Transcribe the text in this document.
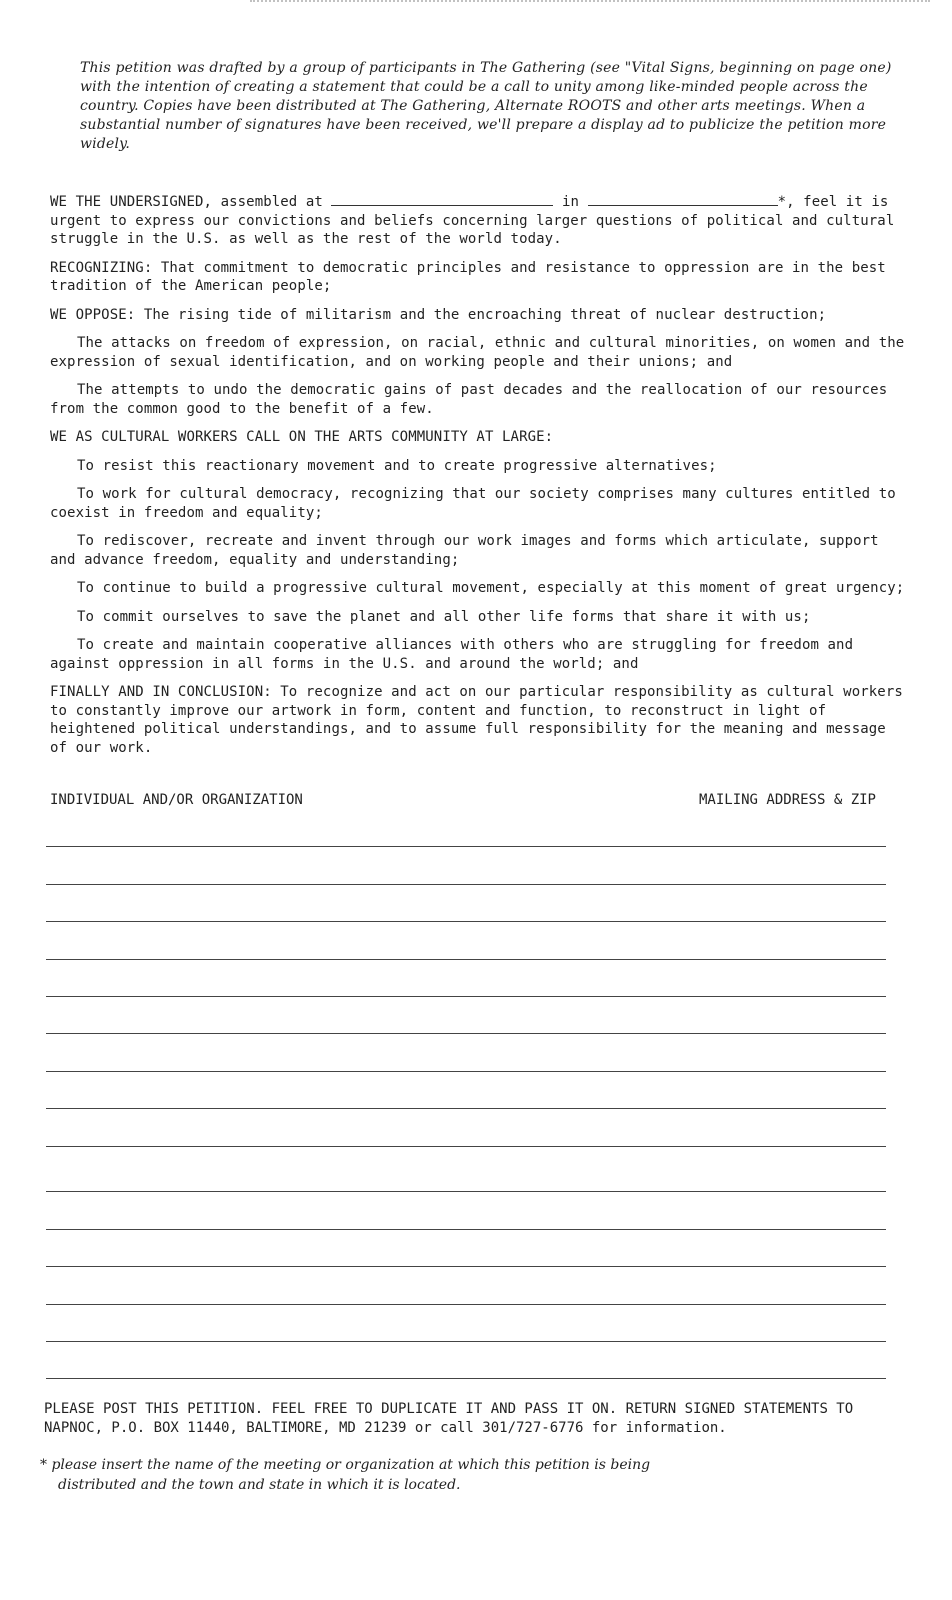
This petition was drafted by a group of participants in The Gathering (see "Vital Signs, beginning on page one) with the intention of creating a statement that could be a call to unity among like-minded people across the country. Copies have been distributed at The Gathering, Alternate ROOTS and other arts meetings. When a substantial number of signatures have been received, we'll prepare a display ad to publicize the petition more widely.

WE THE UNDERSIGNED, assembled at	in	*, feel it is urgent to express our convictions and beliefs concerning larger questions of political and cultural struggle in the U.S. as well as the rest of the world today.

RECOGNIZING: That commitment to democratic principles and resistance to oppression are in the best tradition of the American people;

WE OPPOSE: The rising tide of militarism and the encroaching threat of nuclear destruction;

The attacks on freedom of expression, on racial, ethnic and cultural minorities, on women and the expression of sexual identification, and on working people and their unions; and

The attempts to undo the democratic gains of past decades and the reallocation of our resources from the common good to the benefit of a few.

WE AS CULTURAL WORKERS CALL ON THE ARTS COMMUNITY AT LARGE:

To resist this reactionary movement and to create progressive alternatives;

To work for cultural democracy, recognizing that our society comprises many cultures entitled to coexist in freedom and equality;

To rediscover, recreate and invent through our work images and forms which articulate, support and advance freedom, equality and understanding;

To continue to build a progressive cultural movement, especially at this moment of great urgency;

To commit ourselves to save the planet and all other life forms that share it with us;

To create and maintain cooperative alliances with others who are struggling for freedom and against oppression in all forms in the U.S. and around the world; and

FINALLY AND IN CONCLUSION: To recognize and act on our particular responsibility as cultural workers to constantly improve our artwork in form, content and function, to reconstruct in light of heightened political understandings, and to assume full responsibility for the meaning and message of our work.

INDIVIDUAL AND/OR ORGANIZATION	MAILING ADDRESS & ZIP
PLEASE POST THIS PETITION. FEEL FREE TO DUPLICATE IT AND PASS IT ON. RETURN SIGNED STATEMENTS TO NAPNOC, P.O. BOX 11440, BALTIMORE, MD 21239 or call 301/727-6776 for information.
* please insert the name of the meeting or organization at which this petition is being
distributed and the town and state in which it is located.
